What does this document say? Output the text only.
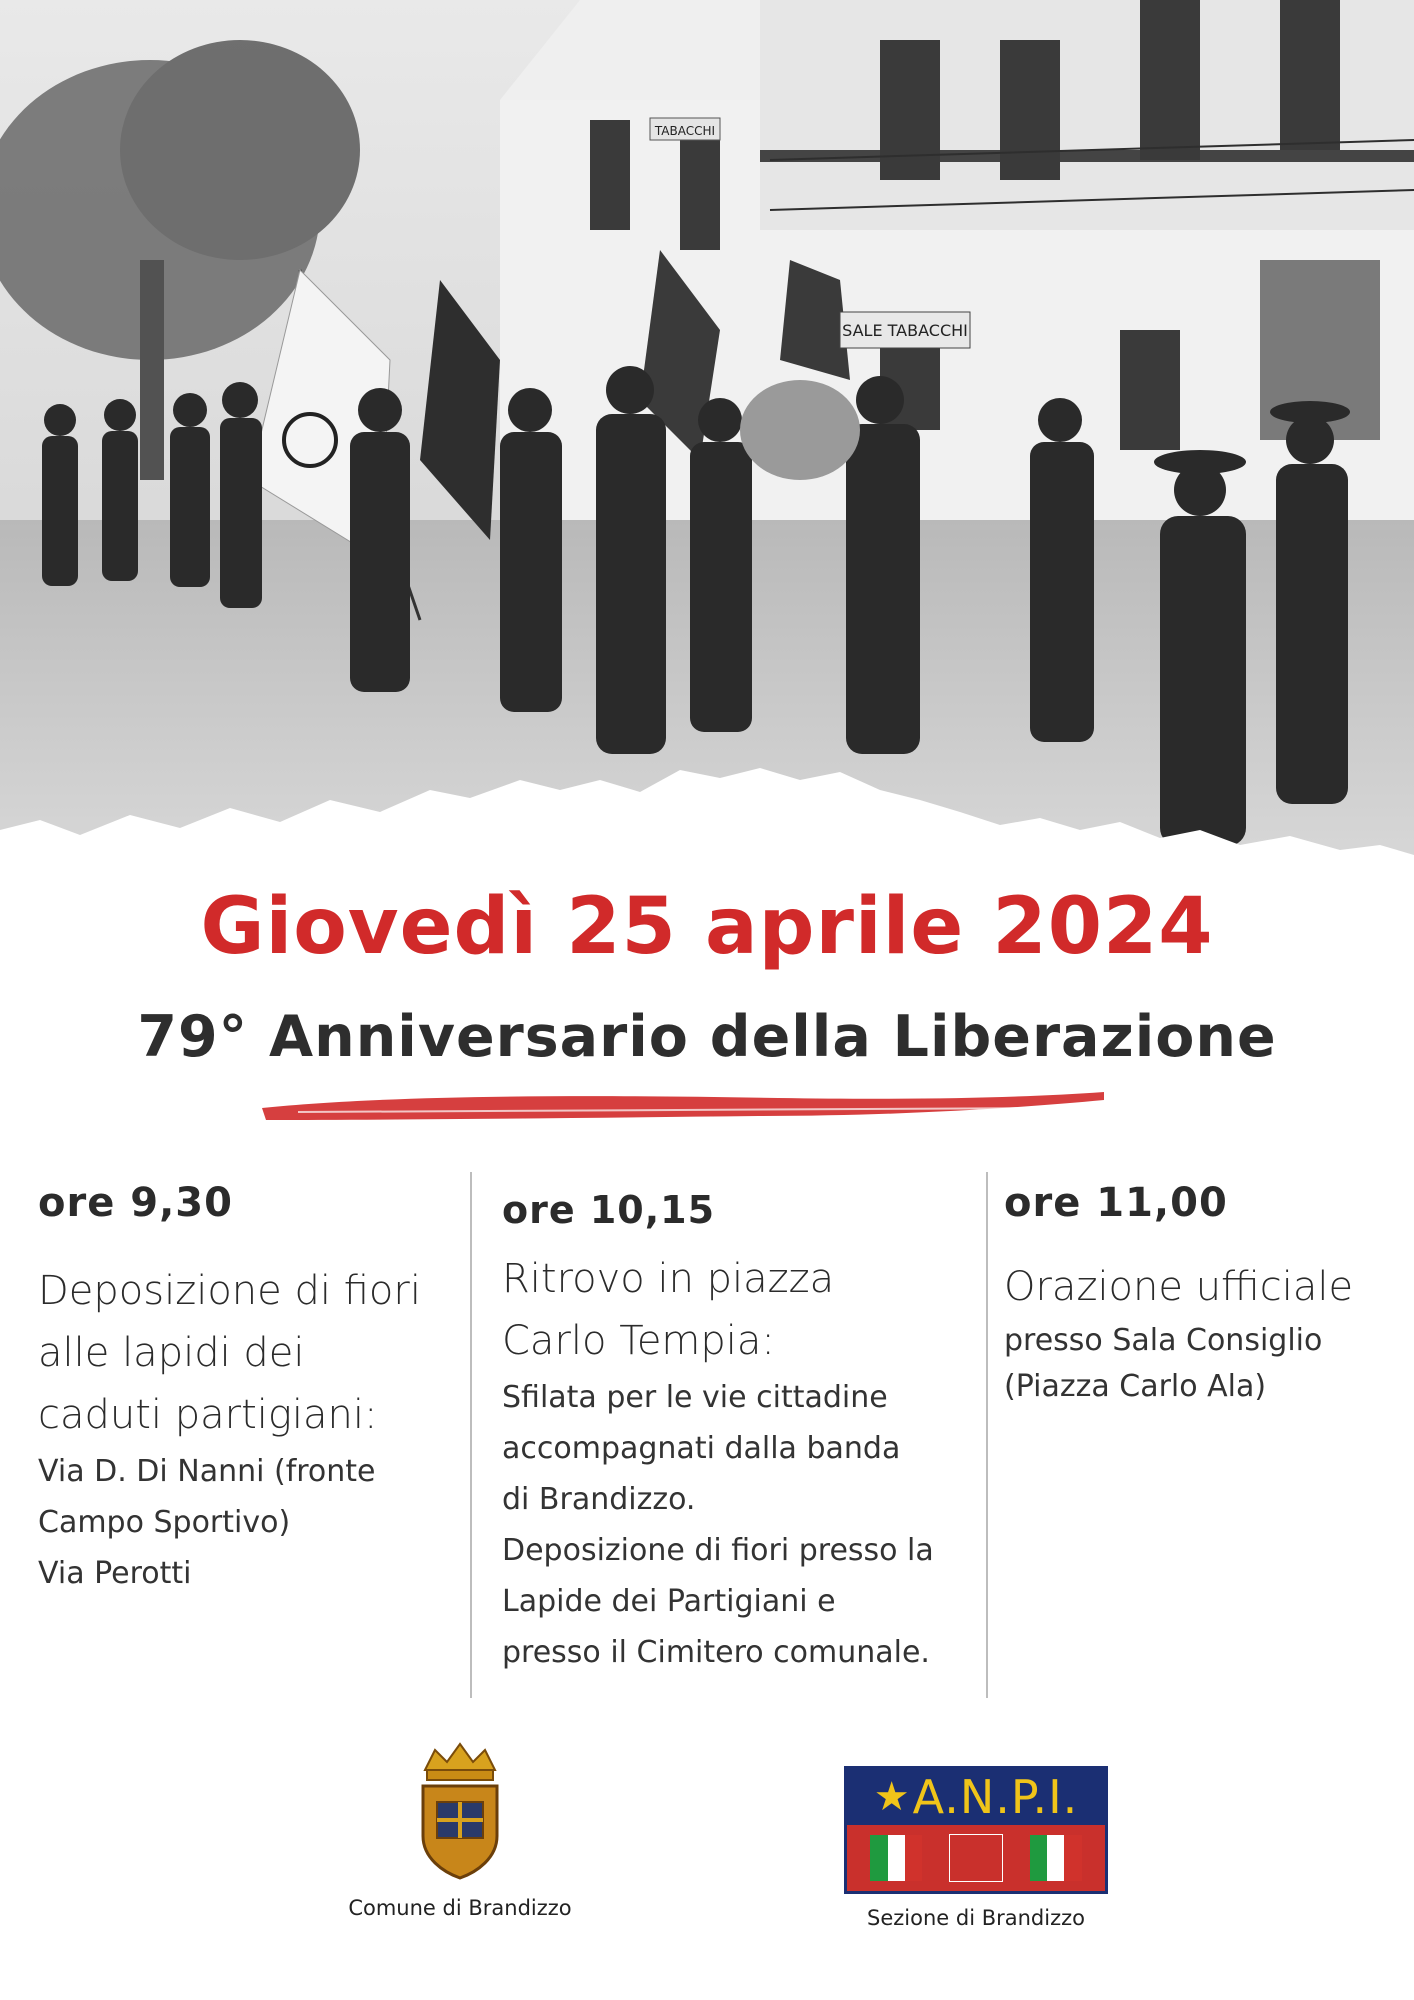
TABACCHI
SALE TABACCHI
Giovedì 25 aprile 2024
79° Anniversario della Liberazione
ore 9,30
Deposizione di fiori
alle lapidi dei
caduti partigiani:
Via D. Di Nanni (fronte
Campo Sportivo)
Via Perotti
ore 10,15
Ritrovo in piazza
Carlo Tempia:
Sfilata per le vie cittadine
accompagnati dalla banda
di Brandizzo.
Deposizione di fiori presso la
Lapide dei Partigiani e
presso il Cimitero comunale.
ore 11,00
Orazione ufficiale
presso Sala Consiglio
(Piazza Carlo Ala)
Comune di Brandizzo
★ A.N.P.I.
Sezione di Brandizzo
